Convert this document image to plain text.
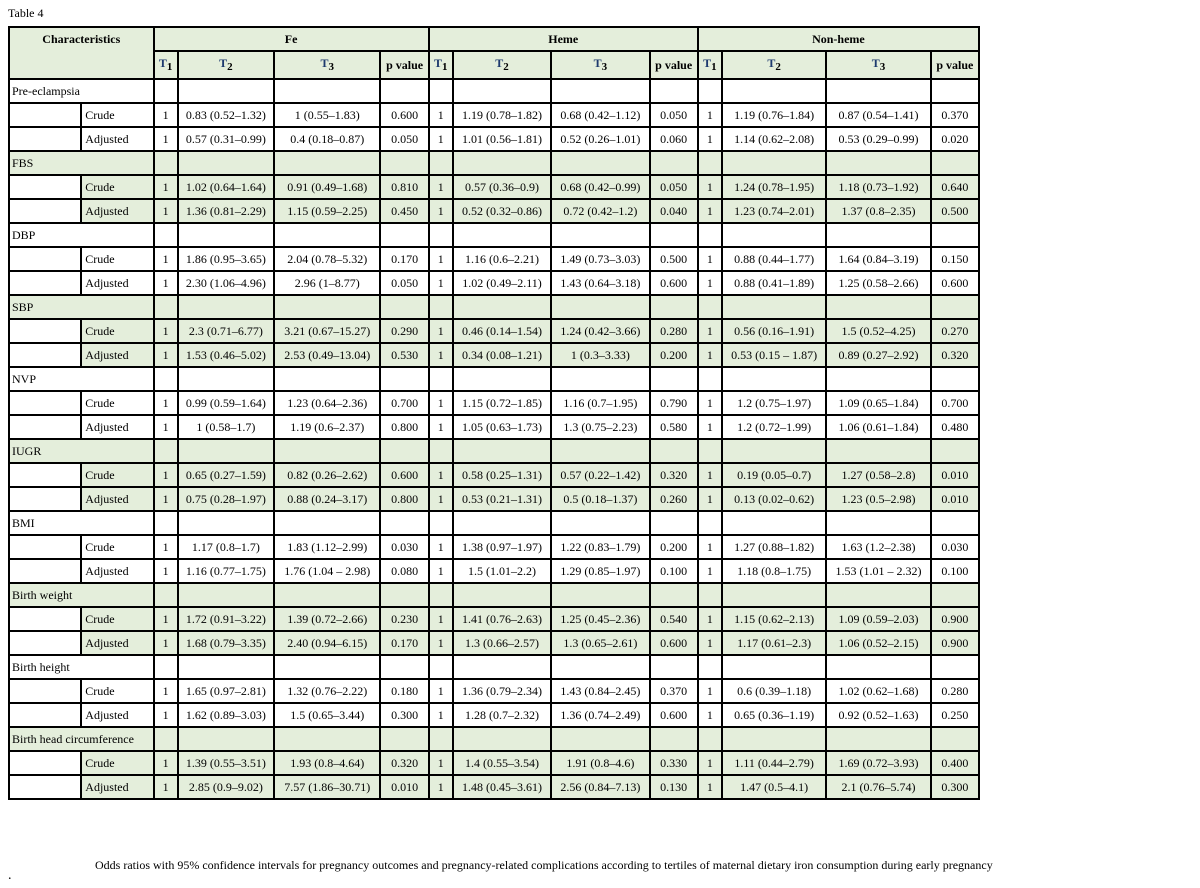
Table 4
Characteristics		Fe				Heme				Non-heme			
		$T_1$	$T_2$	$T_3$	p value	$T_1$	$T_2$	$T_3$	p value	$T_1$	$T_2$	$T_3$	p value
Pre-eclampsia													
	Crude	1	0.83 (0.52–1.32)	1 (0.55–1.83)	0.600	1	1.19 (0.78–1.82)	0.68 (0.42–1.12)	0.050	1	1.19 (0.76–1.84)	0.87 (0.54–1.41)	0.370
	Adjusted	1	0.57 (0.31–0.99)	0.4 (0.18–0.87)	0.050	1	1.01 (0.56–1.81)	0.52 (0.26–1.01)	0.060	1	1.14 (0.62–2.08)	0.53 (0.29–0.99)	0.020
FBS													
	Crude	1	1.02 (0.64–1.64)	0.91 (0.49–1.68)	0.810	1	0.57 (0.36–0.9)	0.68 (0.42–0.99)	0.050	1	1.24 (0.78–1.95)	1.18 (0.73–1.92)	0.640
	Adjusted	1	1.36 (0.81–2.29)	1.15 (0.59–2.25)	0.450	1	0.52 (0.32–0.86)	0.72 (0.42–1.2)	0.040	1	1.23 (0.74–2.01)	1.37 (0.8–2.35)	0.500
DBP													
	Crude	1	1.86 (0.95–3.65)	2.04 (0.78–5.32)	0.170	1	1.16 (0.6–2.21)	1.49 (0.73–3.03)	0.500	1	0.88 (0.44–1.77)	1.64 (0.84–3.19)	0.150
	Adjusted	1	2.30 (1.06–4.96)	2.96 (1–8.77)	0.050	1	1.02 (0.49–2.11)	1.43 (0.64–3.18)	0.600	1	0.88 (0.41–1.89)	1.25 (0.58–2.66)	0.600
SBP													
	Crude	1	2.3 (0.71–6.77)	3.21 (0.67–15.27)	0.290	1	0.46 (0.14–1.54)	1.24 (0.42–3.66)	0.280	1	0.56 (0.16–1.91)	1.5 (0.52–4.25)	0.270
	Adjusted	1	1.53 (0.46–5.02)	2.53 (0.49–13.04)	0.530	1	0.34 (0.08–1.21)	1 (0.3–3.33)	0.200	1	0.53 (0.15 – 1.87)	0.89 (0.27–2.92)	0.320
NVP													
	Crude	1	0.99 (0.59–1.64)	1.23 (0.64–2.36)	0.700	1	1.15 (0.72–1.85)	1.16 (0.7–1.95)	0.790	1	1.2 (0.75–1.97)	1.09 (0.65–1.84)	0.700
	Adjusted	1	1 (0.58–1.7)	1.19 (0.6–2.37)	0.800	1	1.05 (0.63–1.73)	1.3 (0.75–2.23)	0.580	1	1.2 (0.72–1.99)	1.06 (0.61–1.84)	0.480
IUGR													
	Crude	1	0.65 (0.27–1.59)	0.82 (0.26–2.62)	0.600	1	0.58 (0.25–1.31)	0.57 (0.22–1.42)	0.320	1	0.19 (0.05–0.7)	1.27 (0.58–2.8)	0.010
	Adjusted	1	0.75 (0.28–1.97)	0.88 (0.24–3.17)	0.800	1	0.53 (0.21–1.31)	0.5 (0.18–1.37)	0.260	1	0.13 (0.02–0.62)	1.23 (0.5–2.98)	0.010
BMI													
	Crude	1	1.17 (0.8–1.7)	1.83 (1.12–2.99)	0.030	1	1.38 (0.97–1.97)	1.22 (0.83–1.79)	0.200	1	1.27 (0.88–1.82)	1.63 (1.2–2.38)	0.030
	Adjusted	1	1.16 (0.77–1.75)	1.76 (1.04 – 2.98)	0.080	1	1.5 (1.01–2.2)	1.29 (0.85–1.97)	0.100	1	1.18 (0.8–1.75)	1.53 (1.01 – 2.32)	0.100
Birth weight													
	Crude	1	1.72 (0.91–3.22)	1.39 (0.72–2.66)	0.230	1	1.41 (0.76–2.63)	1.25 (0.45–2.36)	0.540	1	1.15 (0.62–2.13)	1.09 (0.59–2.03)	0.900
	Adjusted	1	1.68 (0.79–3.35)	2.40 (0.94–6.15)	0.170	1	1.3 (0.66–2.57)	1.3 (0.65–2.61)	0.600	1	1.17 (0.61–2.3)	1.06 (0.52–2.15)	0.900
Birth height													
	Crude	1	1.65 (0.97–2.81)	1.32 (0.76–2.22)	0.180	1	1.36 (0.79–2.34)	1.43 (0.84–2.45)	0.370	1	0.6 (0.39–1.18)	1.02 (0.62–1.68)	0.280
	Adjusted	1	1.62 (0.89–3.03)	1.5 (0.65–3.44)	0.300	1	1.28 (0.7–2.32)	1.36 (0.74–2.49)	0.600	1	0.65 (0.36–1.19)	0.92 (0.52–1.63)	0.250
Birth head circumference													
	Crude	1	1.39 (0.55–3.51)	1.93 (0.8–4.64)	0.320	1	1.4 (0.55–3.54)	1.91 (0.8–4.6)	0.330	1	1.11 (0.44–2.79)	1.69 (0.72–3.93)	0.400
	Adjusted	1	2.85 (0.9–9.02)	7.57 (1.86–30.71)	0.010	1	1.48 (0.45–3.61)	2.56 (0.84–7.13)	0.130	1	1.47 (0.5–4.1)	2.1 (0.76–5.74)	0.300
Odds ratios with 95% confidence intervals for pregnancy outcomes and pregnancy-related complications according to tertiles of maternal dietary iron consumption during early pregnancy
.
